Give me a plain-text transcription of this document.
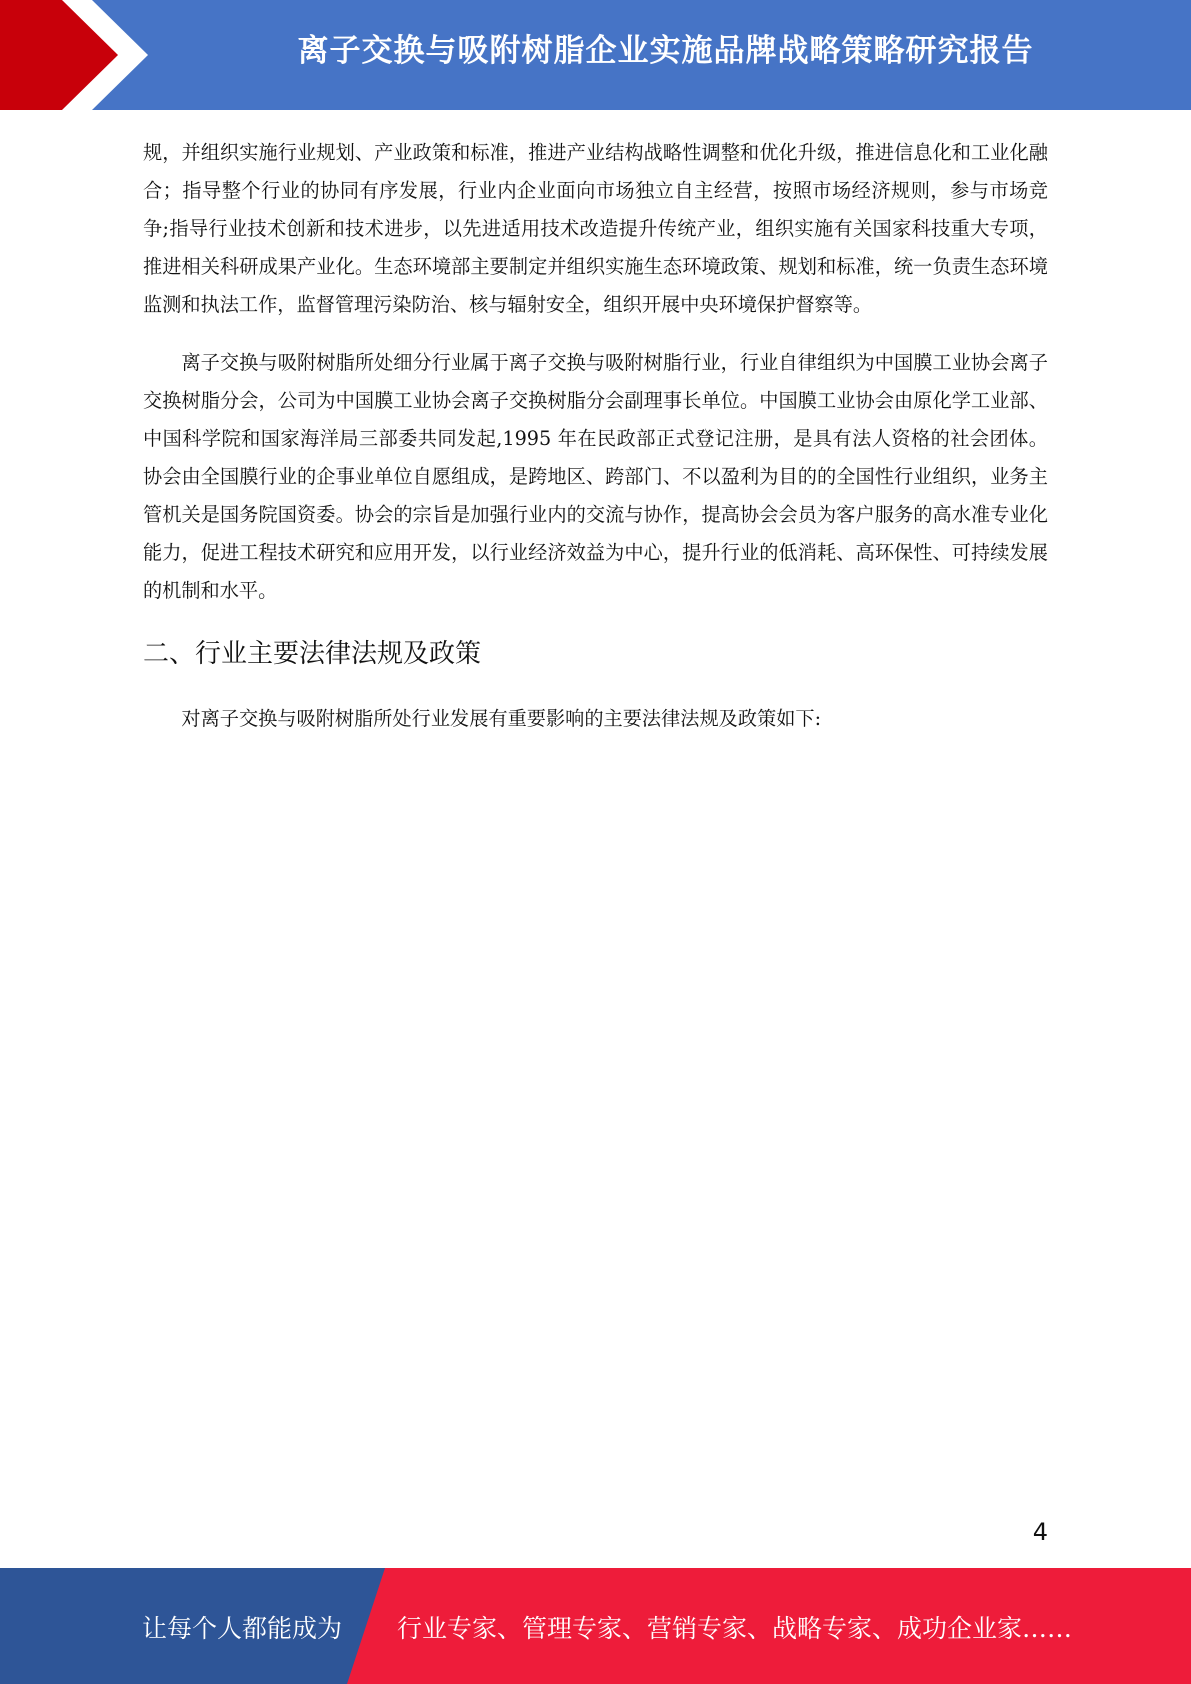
离子交换与吸附树脂企业实施品牌战略策略研究报告

规，并组织实施行业规划、产业政策和标准，推进产业结构战略性调整和优化升级，推进信息化和工业化融合；指导整个行业的协同有序发展，行业内企业面向市场独立自主经营，按照市场经济规则，参与市场竞争;指导行业技术创新和技术进步，以先进适用技术改造提升传统产业，组织实施有关国家科技重大专项，推进相关科研成果产业化。生态环境部主要制定并组织实施生态环境政策、规划和标准，统一负责生态环境监测和执法工作，监督管理污染防治、核与辐射安全，组织开展中央环境保护督察等。

离子交换与吸附树脂所处细分行业属于离子交换与吸附树脂行业，行业自律组织为中国膜工业协会离子交换树脂分会，公司为中国膜工业协会离子交换树脂分会副理事长单位。中国膜工业协会由原化学工业部、中国科学院和国家海洋局三部委共同发起,1995 年在民政部正式登记注册，是具有法人资格的社会团体。协会由全国膜行业的企事业单位自愿组成，是跨地区、跨部门、不以盈利为目的的全国性行业组织，业务主管机关是国务院国资委。协会的宗旨是加强行业内的交流与协作，提高协会会员为客户服务的高水准专业化能力，促进工程技术研究和应用开发，以行业经济效益为中心，提升行业的低消耗、高环保性、可持续发展的机制和水平。

二、行业主要法律法规及政策

对离子交换与吸附树脂所处行业发展有重要影响的主要法律法规及政策如下:

4
让每个人都能成为 行业专家、管理专家、营销专家、战略专家、成功企业家……
